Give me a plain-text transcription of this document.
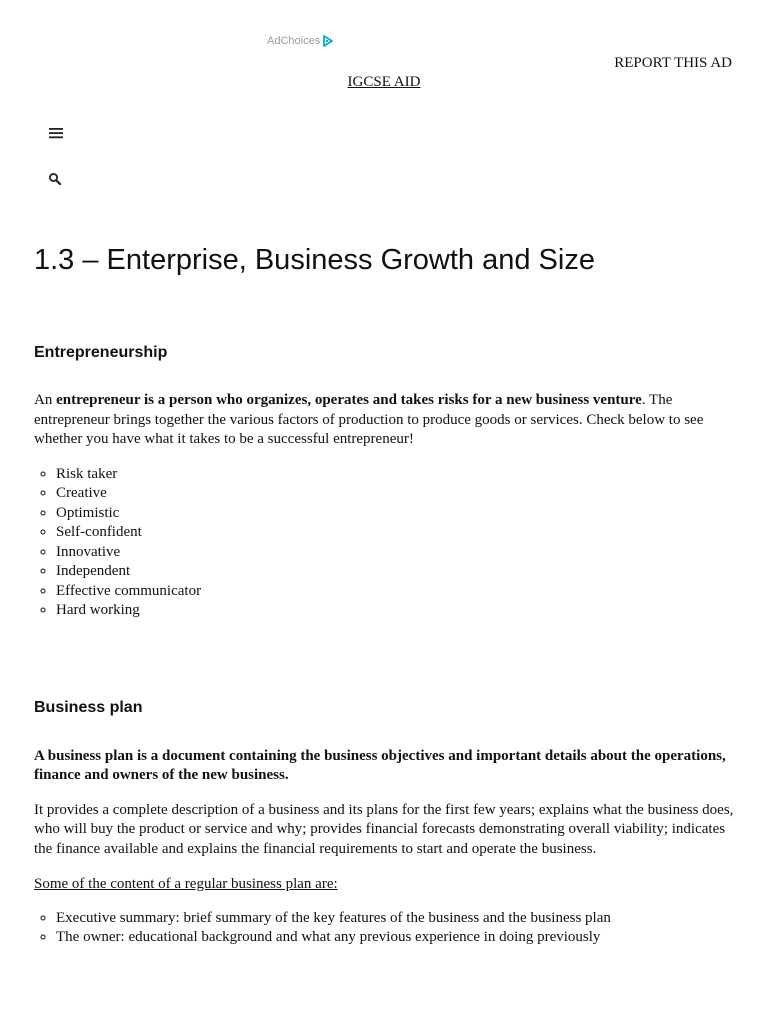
AdChoices
REPORT THIS AD
IGCSE AID
1.3 – Enterprise, Business Growth and Size
Entrepreneurship

An entrepreneur is a person who organizes, operates and takes risks for a new business venture. The entrepreneur brings together the various factors of production to produce goods or services. Check below to see whether you have what it takes to be a successful entrepreneur!

◦ Risk taker
◦ Creative
◦ Optimistic
◦ Self-confident
◦ Innovative
◦ Independent
◦ Effective communicator
◦ Hard working
Business plan

A business plan is a document containing the business objectives and important details about the operations, finance and owners of the new business.

It provides a complete description of a business and its plans for the first few years; explains what the business does, who will buy the product or service and why; provides financial forecasts demonstrating overall viability; indicates the finance available and explains the financial requirements to start and operate the business.

Some of the content of a regular business plan are:

◦ Executive summary: brief summary of the key features of the business and the business plan
◦ The owner: educational background and what any previous experience in doing previously
